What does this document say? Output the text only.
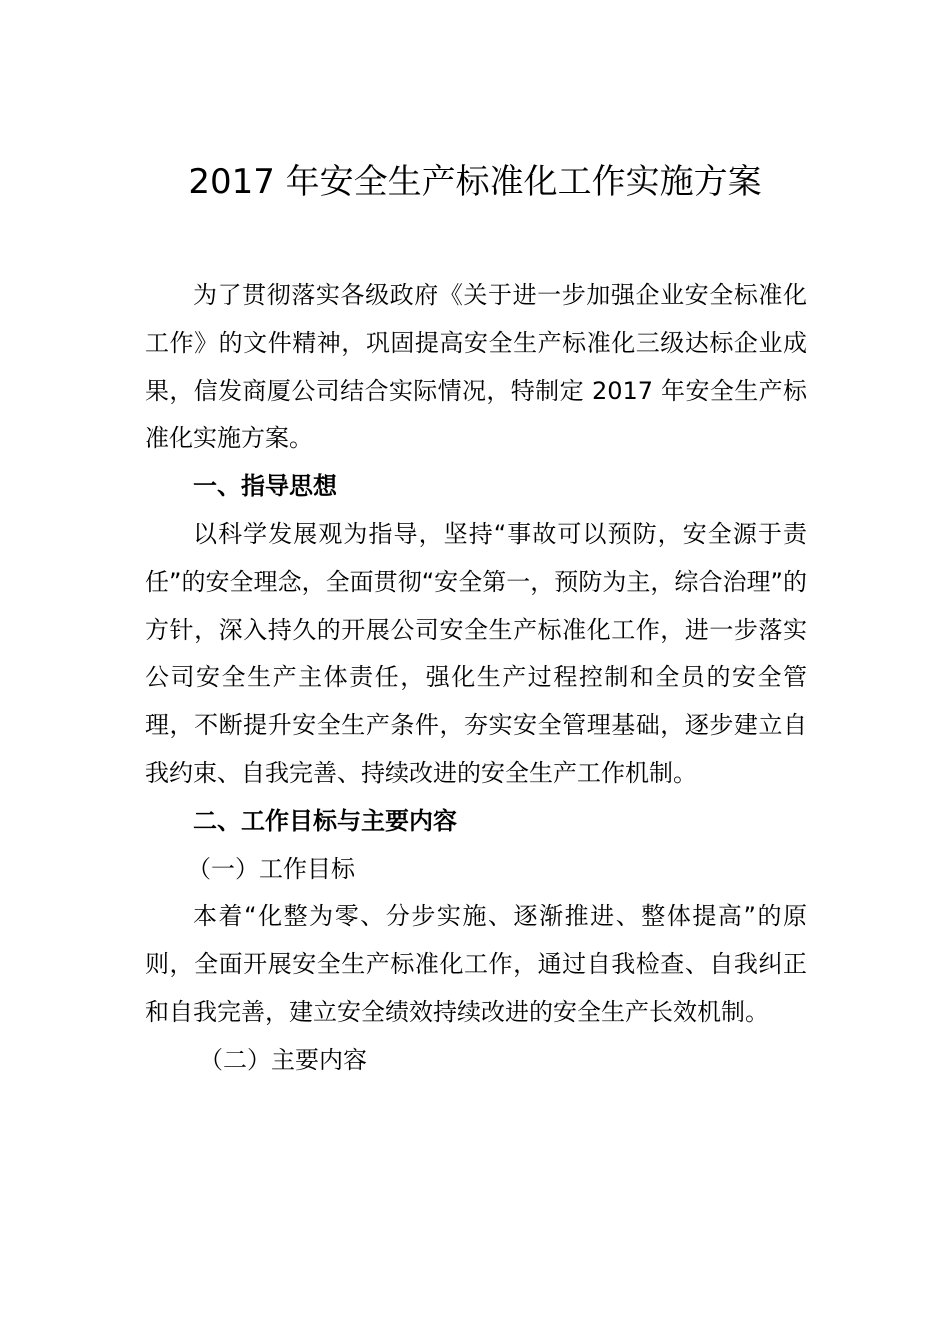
2017 年安全生产标准化工作实施方案

为了贯彻落实各级政府《关于进一步加强企业安全标准化工作》的文件精神，巩固提高安全生产标准化三级达标企业成果，信发商厦公司结合实际情况，特制定 2017 年安全生产标准化实施方案。

一、指导思想

以科学发展观为指导，坚持“事故可以预防，安全源于责任”的安全理念，全面贯彻“安全第一，预防为主，综合治理”的方针，深入持久的开展公司安全生产标准化工作，进一步落实公司安全生产主体责任，强化生产过程控制和全员的安全管理，不断提升安全生产条件，夯实安全管理基础，逐步建立自我约束、自我完善、持续改进的安全生产工作机制。

二、工作目标与主要内容

（一）工作目标

本着“化整为零、分步实施、逐渐推进、整体提高”的原则，全面开展安全生产标准化工作，通过自我检查、自我纠正和自我完善，建立安全绩效持续改进的安全生产长效机制。

（二）主要内容
